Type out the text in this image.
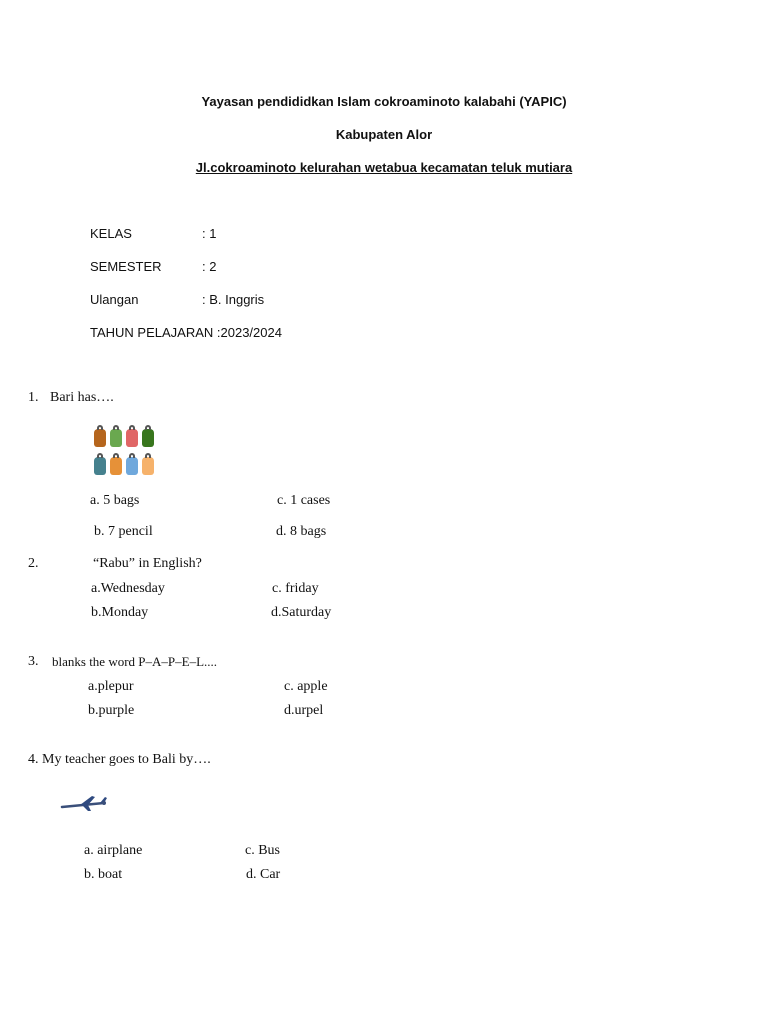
Yayasan pendididkan Islam cokroaminoto kalabahi (YAPIC)
Kabupaten Alor
Jl.cokroaminoto kelurahan wetabua kecamatan teluk mutiara
KELAS	: 1
SEMESTER	: 2
Ulangan	: B. Inggris
TAHUN PELAJARAN :2023/2024
1. Bari has….
a. 5 bags	c. 1 cases
b. 7 pencil	d. 8 bags
2.	“Rabu” in English?
a.Wednesday	c. friday
b.Monday	d.Saturday
3. blanks the word P–A–P–E–L....
a.plepur	c. apple
b.purple	d.urpel
4. My teacher goes to Bali by….
a. airplane	c. Bus
b. boat	d. Car
